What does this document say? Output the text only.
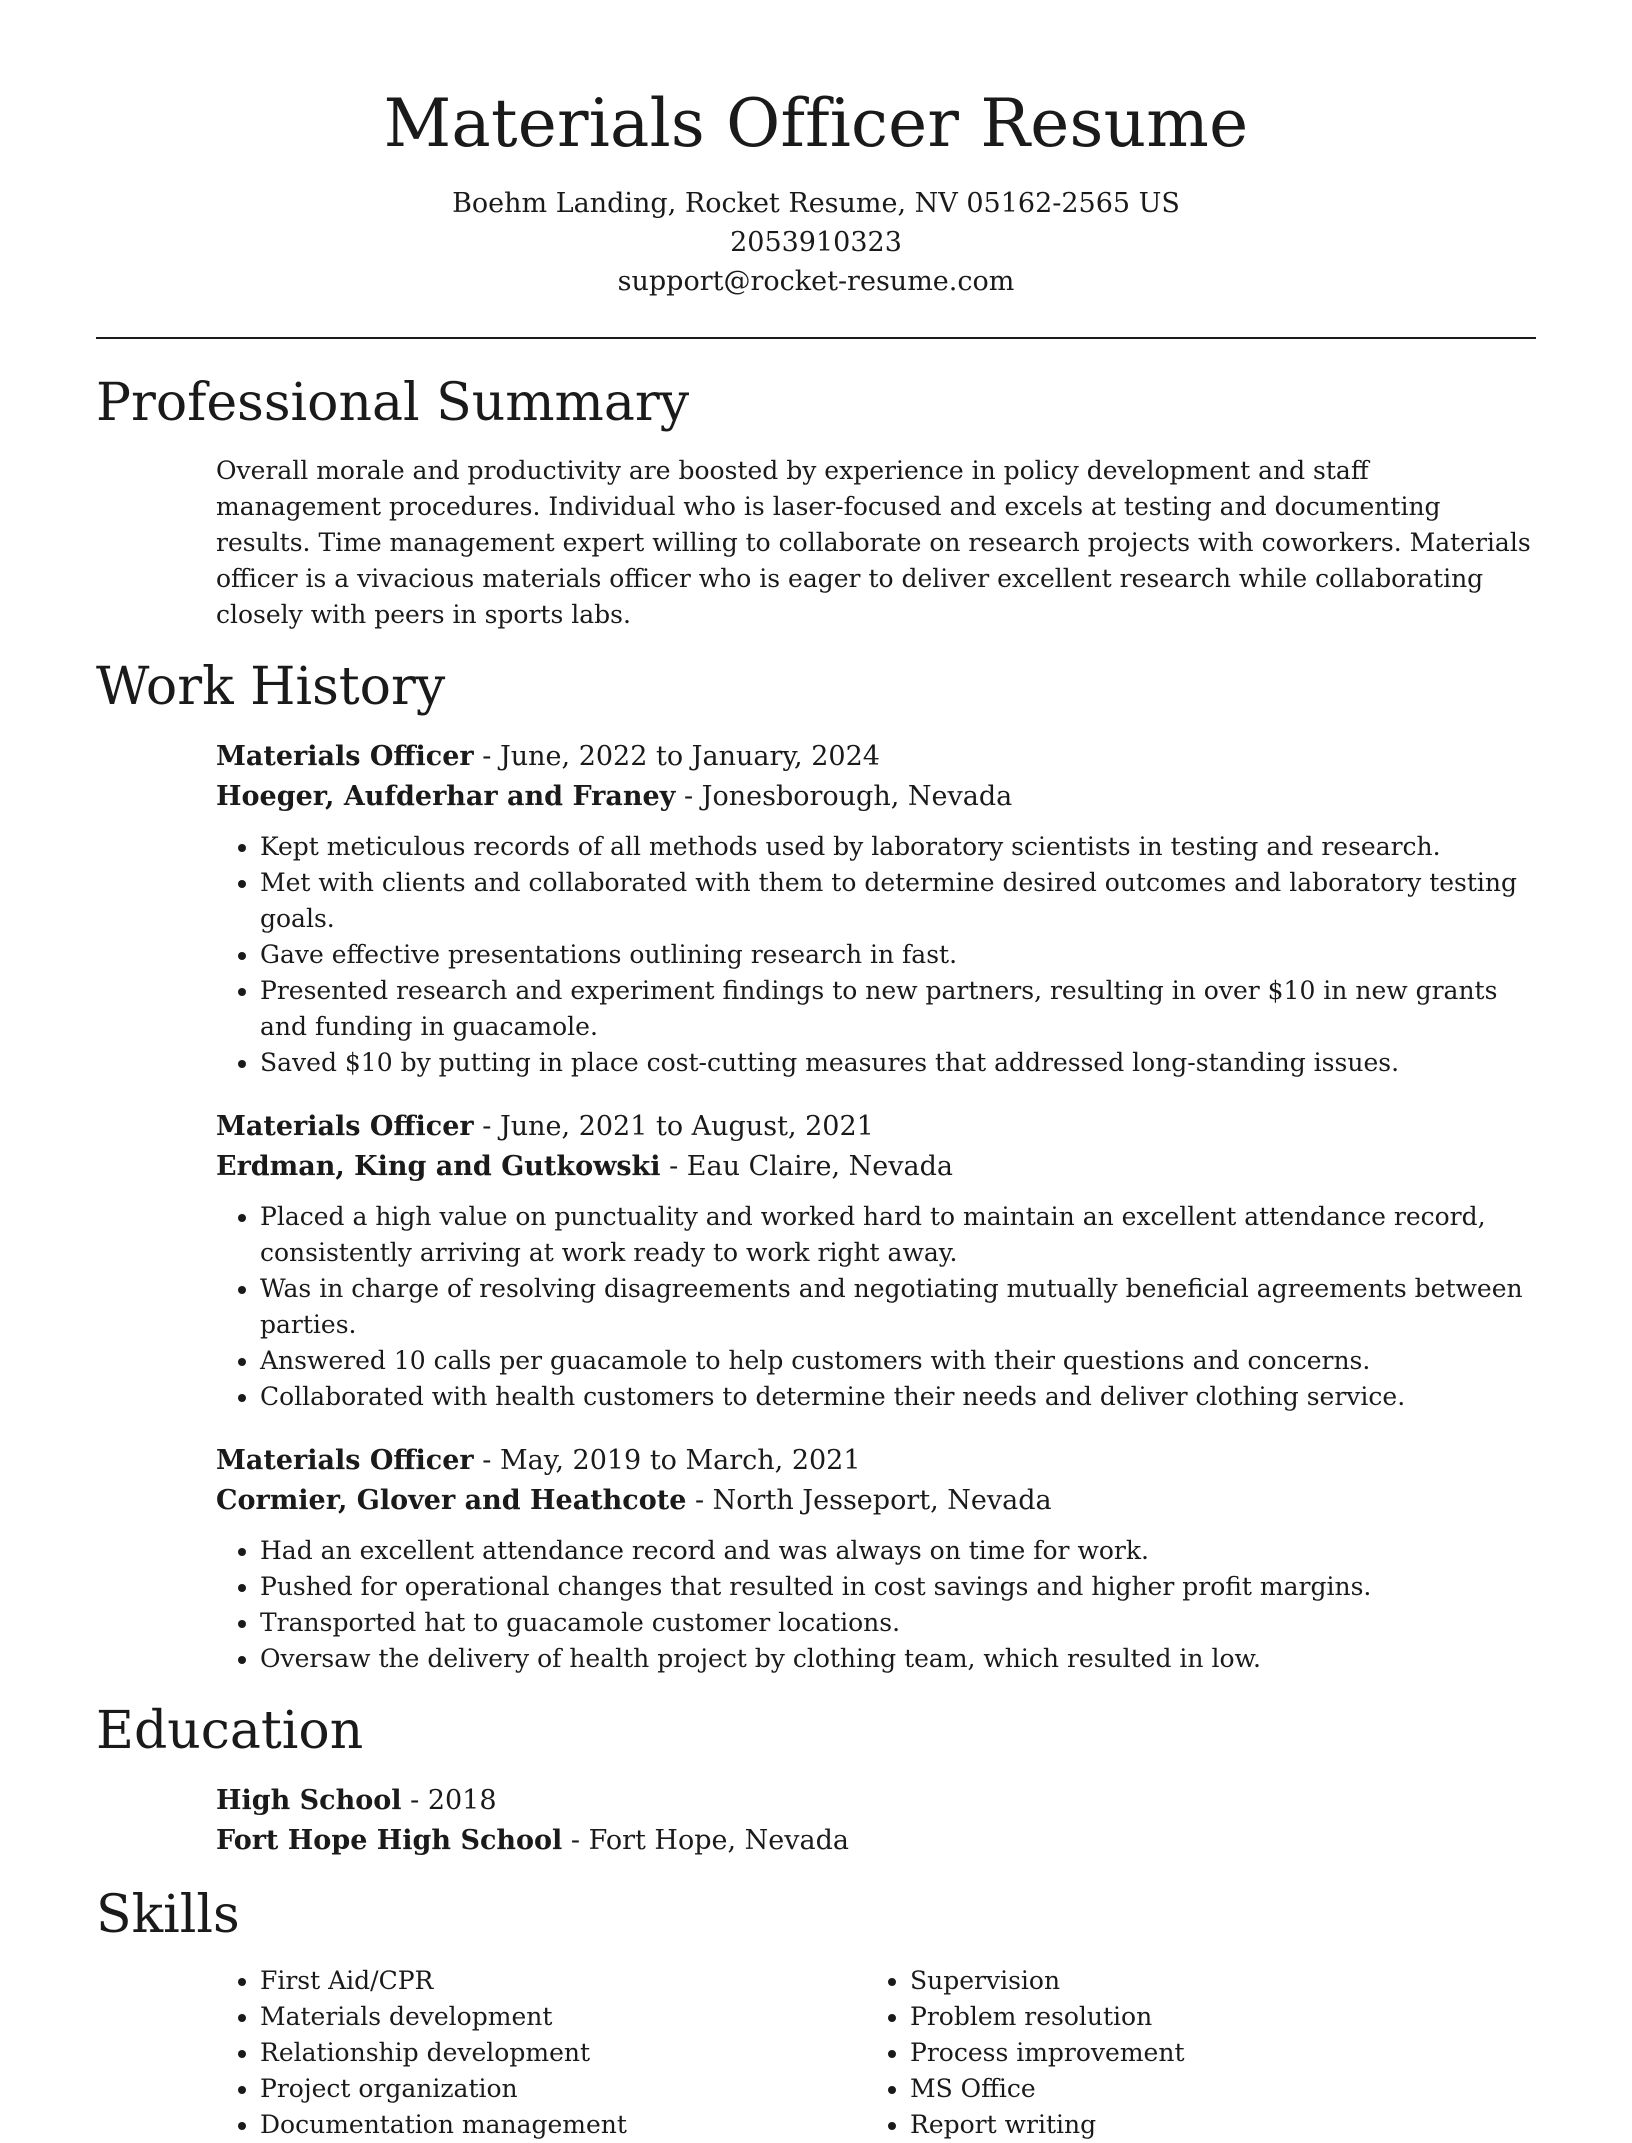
Materials Officer Resume

Boehm Landing, Rocket Resume, NV 05162-2565 US

2053910323

support@rocket-resume.com

Professional Summary

Overall morale and productivity are boosted by experience in policy development and staff management procedures. Individual who is laser-focused and excels at testing and documenting results. Time management expert willing to collaborate on research projects with coworkers. Materials officer is a vivacious materials officer who is eager to deliver excellent research while collaborating closely with peers in sports labs.

Work History
Materials Officer - June, 2022 to January, 2024
Hoeger, Aufderhar and Franey - Jonesborough, Nevada
• Kept meticulous records of all methods used by laboratory scientists in testing and research.
• Met with clients and collaborated with them to determine desired outcomes and laboratory testing goals.
• Gave effective presentations outlining research in fast.
• Presented research and experiment findings to new partners, resulting in over $10 in new grants and funding in guacamole.
• Saved $10 by putting in place cost-cutting measures that addressed long-standing issues.
Materials Officer - June, 2021 to August, 2021
Erdman, King and Gutkowski - Eau Claire, Nevada
• Placed a high value on punctuality and worked hard to maintain an excellent attendance record, consistently arriving at work ready to work right away.
• Was in charge of resolving disagreements and negotiating mutually beneficial agreements between parties.
• Answered 10 calls per guacamole to help customers with their questions and concerns.
• Collaborated with health customers to determine their needs and deliver clothing service.
Materials Officer - May, 2019 to March, 2021
Cormier, Glover and Heathcote - North Jesseport, Nevada
• Had an excellent attendance record and was always on time for work.
• Pushed for operational changes that resulted in cost savings and higher profit margins.
• Transported hat to guacamole customer locations.
• Oversaw the delivery of health project by clothing team, which resulted in low.
Education
High School - 2018
Fort Hope High School - Fort Hope, Nevada
Skills
• First Aid/CPR
• Materials development
• Relationship development
• Project organization
• Documentation management
• Supervision
• Problem resolution
• Process improvement
• MS Office
• Report writing
